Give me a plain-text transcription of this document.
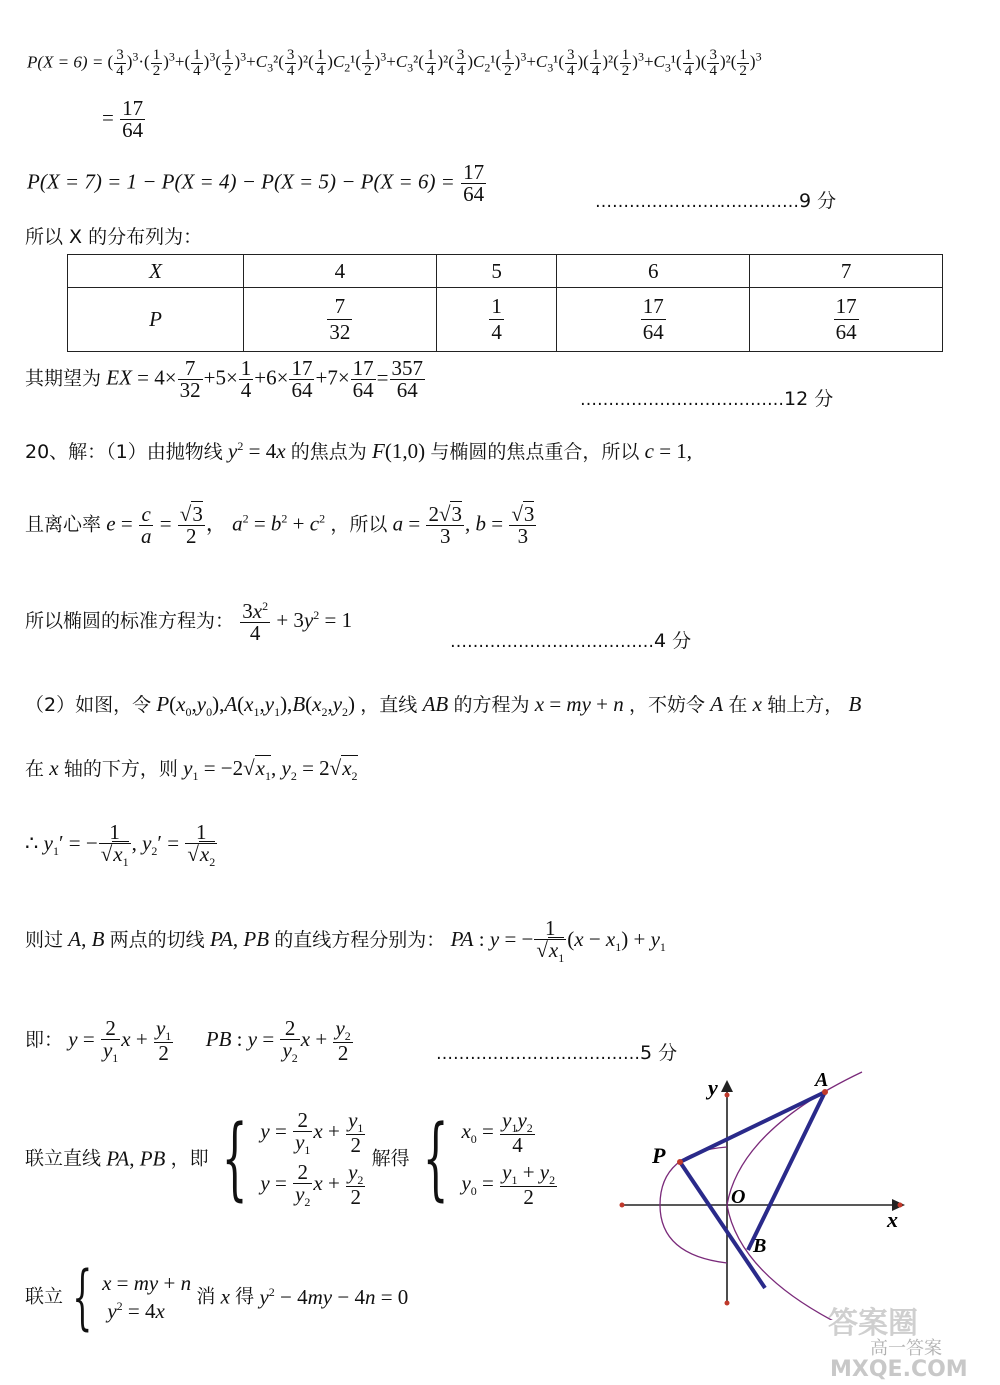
P(X = 6) = ( $\frac{3}{4} )^3\cdot( \frac{1}{2} )^3+( \frac{1}{4} )^3( \frac{1}{2} )^3+C_3^2( \frac{3}{4} )^2( \frac{1}{4} )C_2^1( \frac{1}{2} )^3+C_3^2( \frac{1}{4} )^2( \frac{3}{4} )C_2^1( \frac{1}{2} )^3+C_3^1( \frac{3}{4}$ )( $\frac{1}{4} )^2( \frac{1}{2} )^3+C_3^1( \frac{1}{4}$ )( $\frac{3}{4} )^2( \frac{1}{2} )^3$
= $\frac{17}{64}$
$P(X = 7) = 1 - P(X = 4) - P(X = 5) - P(X = 6) = \frac{17}{64}$	………………………………9 分
所以 X 的分布列为：
X	4	5	6	7
P	$\frac{7}{32}$	$\frac{1}{4}$	$\frac{17}{64}$	$\frac{17}{64}$
其期望为 EX = $4\times \frac{7}{32} +5\times \frac{1}{4} +6\times \frac{17}{64} +7\times \frac{17}{64} = \frac{357}{64}$	………………………………12 分
20、解：（1）由抛物线 $y^2 = 4x$ 的焦点为 F(1,0) 与椭圆的焦点重合，所以 c = 1,
且离心率 $e = \frac{c}{a} = \frac{√3}{2}$ ， $a^2 = b^2 + c^2$ ，所以 $a = \frac{2√3}{3}$ , $b = \frac{√3}{3}$
所以椭圆的标准方程为： $\frac{3x^2}{4} + 3y^2 = 1$
………………………………4 分
（2）如图，令 $P(x_0,y_0),A(x_1,y_1),B(x_2,y_2)$ ，直线 AB 的方程为 x = my + n ，不妨令 A 在 x 轴上方， B
在 x 轴的下方，则 $y_1 = -2√x_1$, $y_2 = 2√x_2$
∴ $y_1'$ = − $\frac{1}{√x_1}$ , $y_2' = \frac{1}{√x_2}$
则过 A, B 两点的切线 PA, PB 的直线方程分别为： PA : y = − $\frac{1}{√x_1} (x - x_1) + y_1$
即： $y = \frac{2}{y_1}$ $x + \frac{y_1}{2}$ PB : $y = \frac{2}{y_2}$ $x + \frac{y_2}{2}$	………………………………5 分
联立直线 PA, PB ，即 { $y = \frac{2}{y_1}$ $x + \frac{y_1}{2}$
$y = \frac{2}{y_2}$ $x + \frac{y_2}{2}$
解得 { $x_0 = \frac{y_1y_2}{4}$
$y_0 = \frac{y_1 + y_2}{2}$
联立 { x = my + n
$y^2 = 4x$
消 x 得 $y^2 - 4my - 4n = 0$
y
x
A
P
O
B
答案圈
高一答案
MXQE.COM
